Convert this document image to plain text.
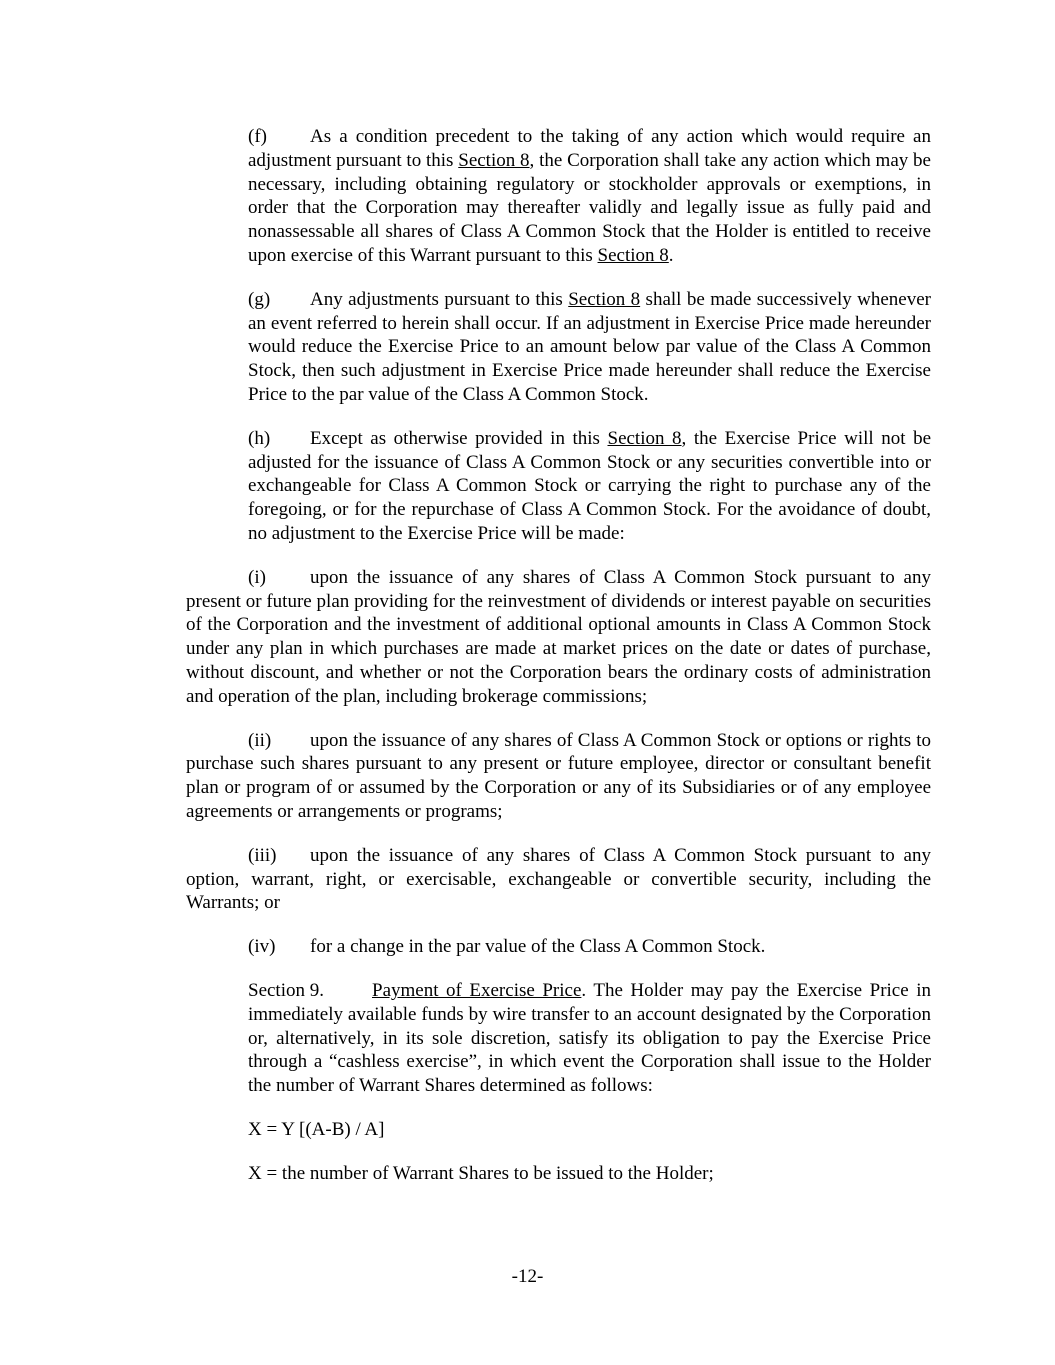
(f) As a condition precedent to the taking of any action which would require an adjustment pursuant to this Section 8, the Corporation shall take any action which may be necessary, including obtaining regulatory or stockholder approvals or exemptions, in order that the Corporation may thereafter validly and legally issue as fully paid and nonassessable all shares of Class A Common Stock that the Holder is entitled to receive upon exercise of this Warrant pursuant to this Section 8.

(g) Any adjustments pursuant to this Section 8 shall be made successively whenever an event referred to herein shall occur. If an adjustment in Exercise Price made hereunder would reduce the Exercise Price to an amount below par value of the Class A Common Stock, then such adjustment in Exercise Price made hereunder shall reduce the Exercise Price to the par value of the Class A Common Stock.

(h) Except as otherwise provided in this Section 8, the Exercise Price will not be adjusted for the issuance of Class A Common Stock or any securities convertible into or exchangeable for Class A Common Stock or carrying the right to purchase any of the foregoing, or for the repurchase of Class A Common Stock. For the avoidance of doubt, no adjustment to the Exercise Price will be made:

(i) upon the issuance of any shares of Class A Common Stock pursuant to any present or future plan providing for the reinvestment of dividends or interest payable on securities of the Corporation and the investment of additional optional amounts in Class A Common Stock under any plan in which purchases are made at market prices on the date or dates of purchase, without discount, and whether or not the Corporation bears the ordinary costs of administration and operation of the plan, including brokerage commissions;

(ii) upon the issuance of any shares of Class A Common Stock or options or rights to purchase such shares pursuant to any present or future employee, director or consultant benefit plan or program of or assumed by the Corporation or any of its Subsidiaries or of any employee agreements or arrangements or programs;

(iii) upon the issuance of any shares of Class A Common Stock pursuant to any option, warrant, right, or exercisable, exchangeable or convertible security, including the Warrants; or

(iv) for a change in the par value of the Class A Common Stock.

Section 9.	Payment of Exercise Price. The Holder may pay the Exercise Price in immediately available funds by wire transfer to an account designated by the Corporation or, alternatively, in its sole discretion, satisfy its obligation to pay the Exercise Price through a “cashless exercise”, in which event the Corporation shall issue to the Holder the number of Warrant Shares determined as follows:

X = Y [(A-B) / A]

X = the number of Warrant Shares to be issued to the Holder;

-12-
